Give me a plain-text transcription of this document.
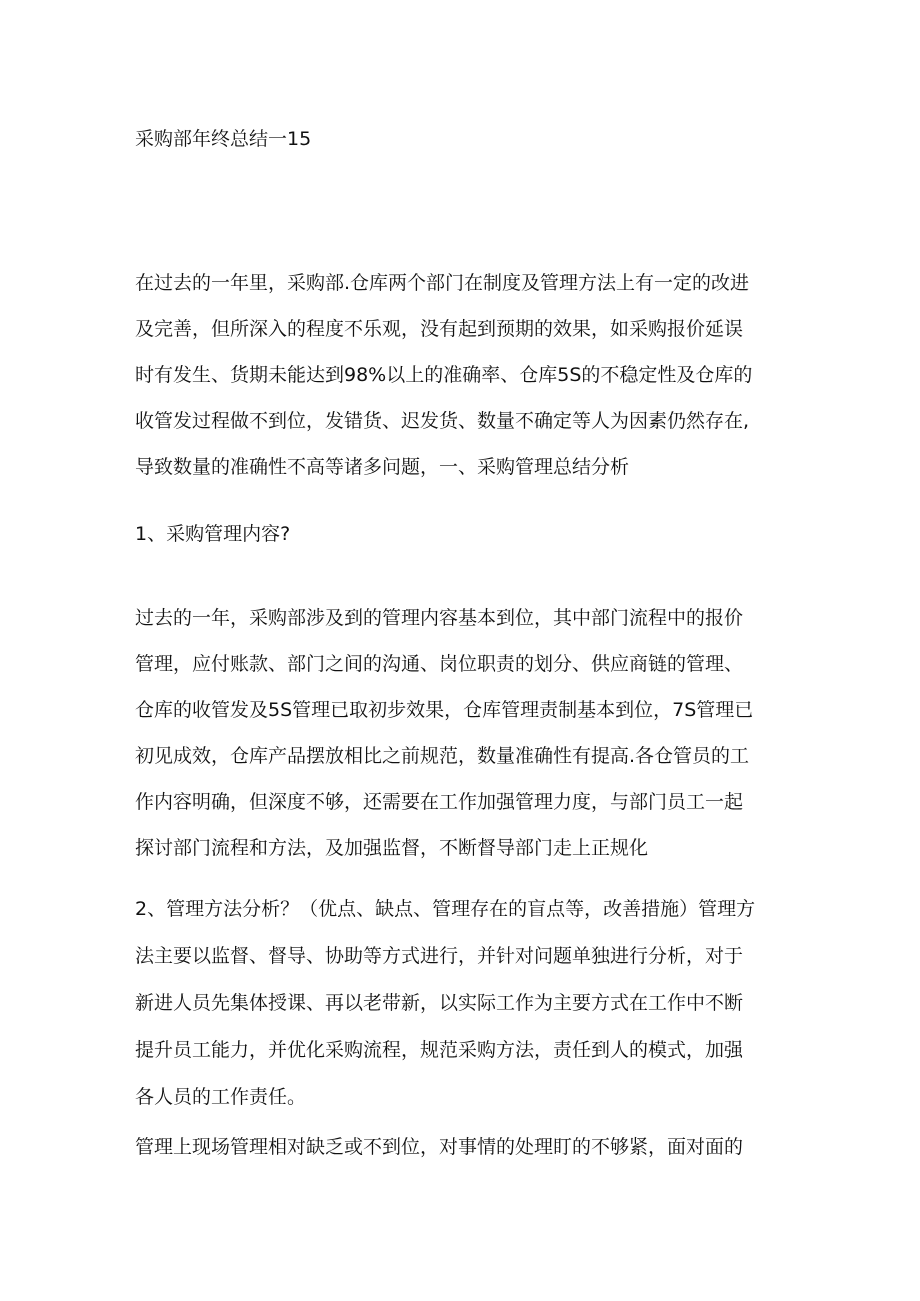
采购部年终总结一15
在过去的一年里，采购部.仓库两个部门在制度及管理方法上有一定的改进
及完善，但所深入的程度不乐观，没有起到预期的效果，如采购报价延误
时有发生、货期未能达到98%以上的准确率、仓库5S的不稳定性及仓库的
收管发过程做不到位，发错货、迟发货、数量不确定等人为因素仍然存在,
导致数量的准确性不高等诸多问题，一、采购管理总结分析
1、采购管理内容?
过去的一年，采购部涉及到的管理内容基本到位，其中部门流程中的报价
管理，应付账款、部门之间的沟通、岗位职责的划分、供应商链的管理、
仓库的收管发及5S管理已取初步效果，仓库管理责制基本到位，7S管理已
初见成效，仓库产品摆放相比之前规范，数量准确性有提高.各仓管员的工
作内容明确，但深度不够，还需要在工作加强管理力度，与部门员工一起
探讨部门流程和方法，及加强监督，不断督导部门走上正规化
2、管理方法分析？（优点、缺点、管理存在的盲点等，改善措施）管理方
法主要以监督、督导、协助等方式进行，并针对问题单独进行分析，对于
新进人员先集体授课、再以老带新，以实际工作为主要方式在工作中不断
提升员工能力，并优化采购流程，规范采购方法，责任到人的模式，加强
各人员的工作责任。
管理上现场管理相对缺乏或不到位，对事情的处理盯的不够紧，面对面的
